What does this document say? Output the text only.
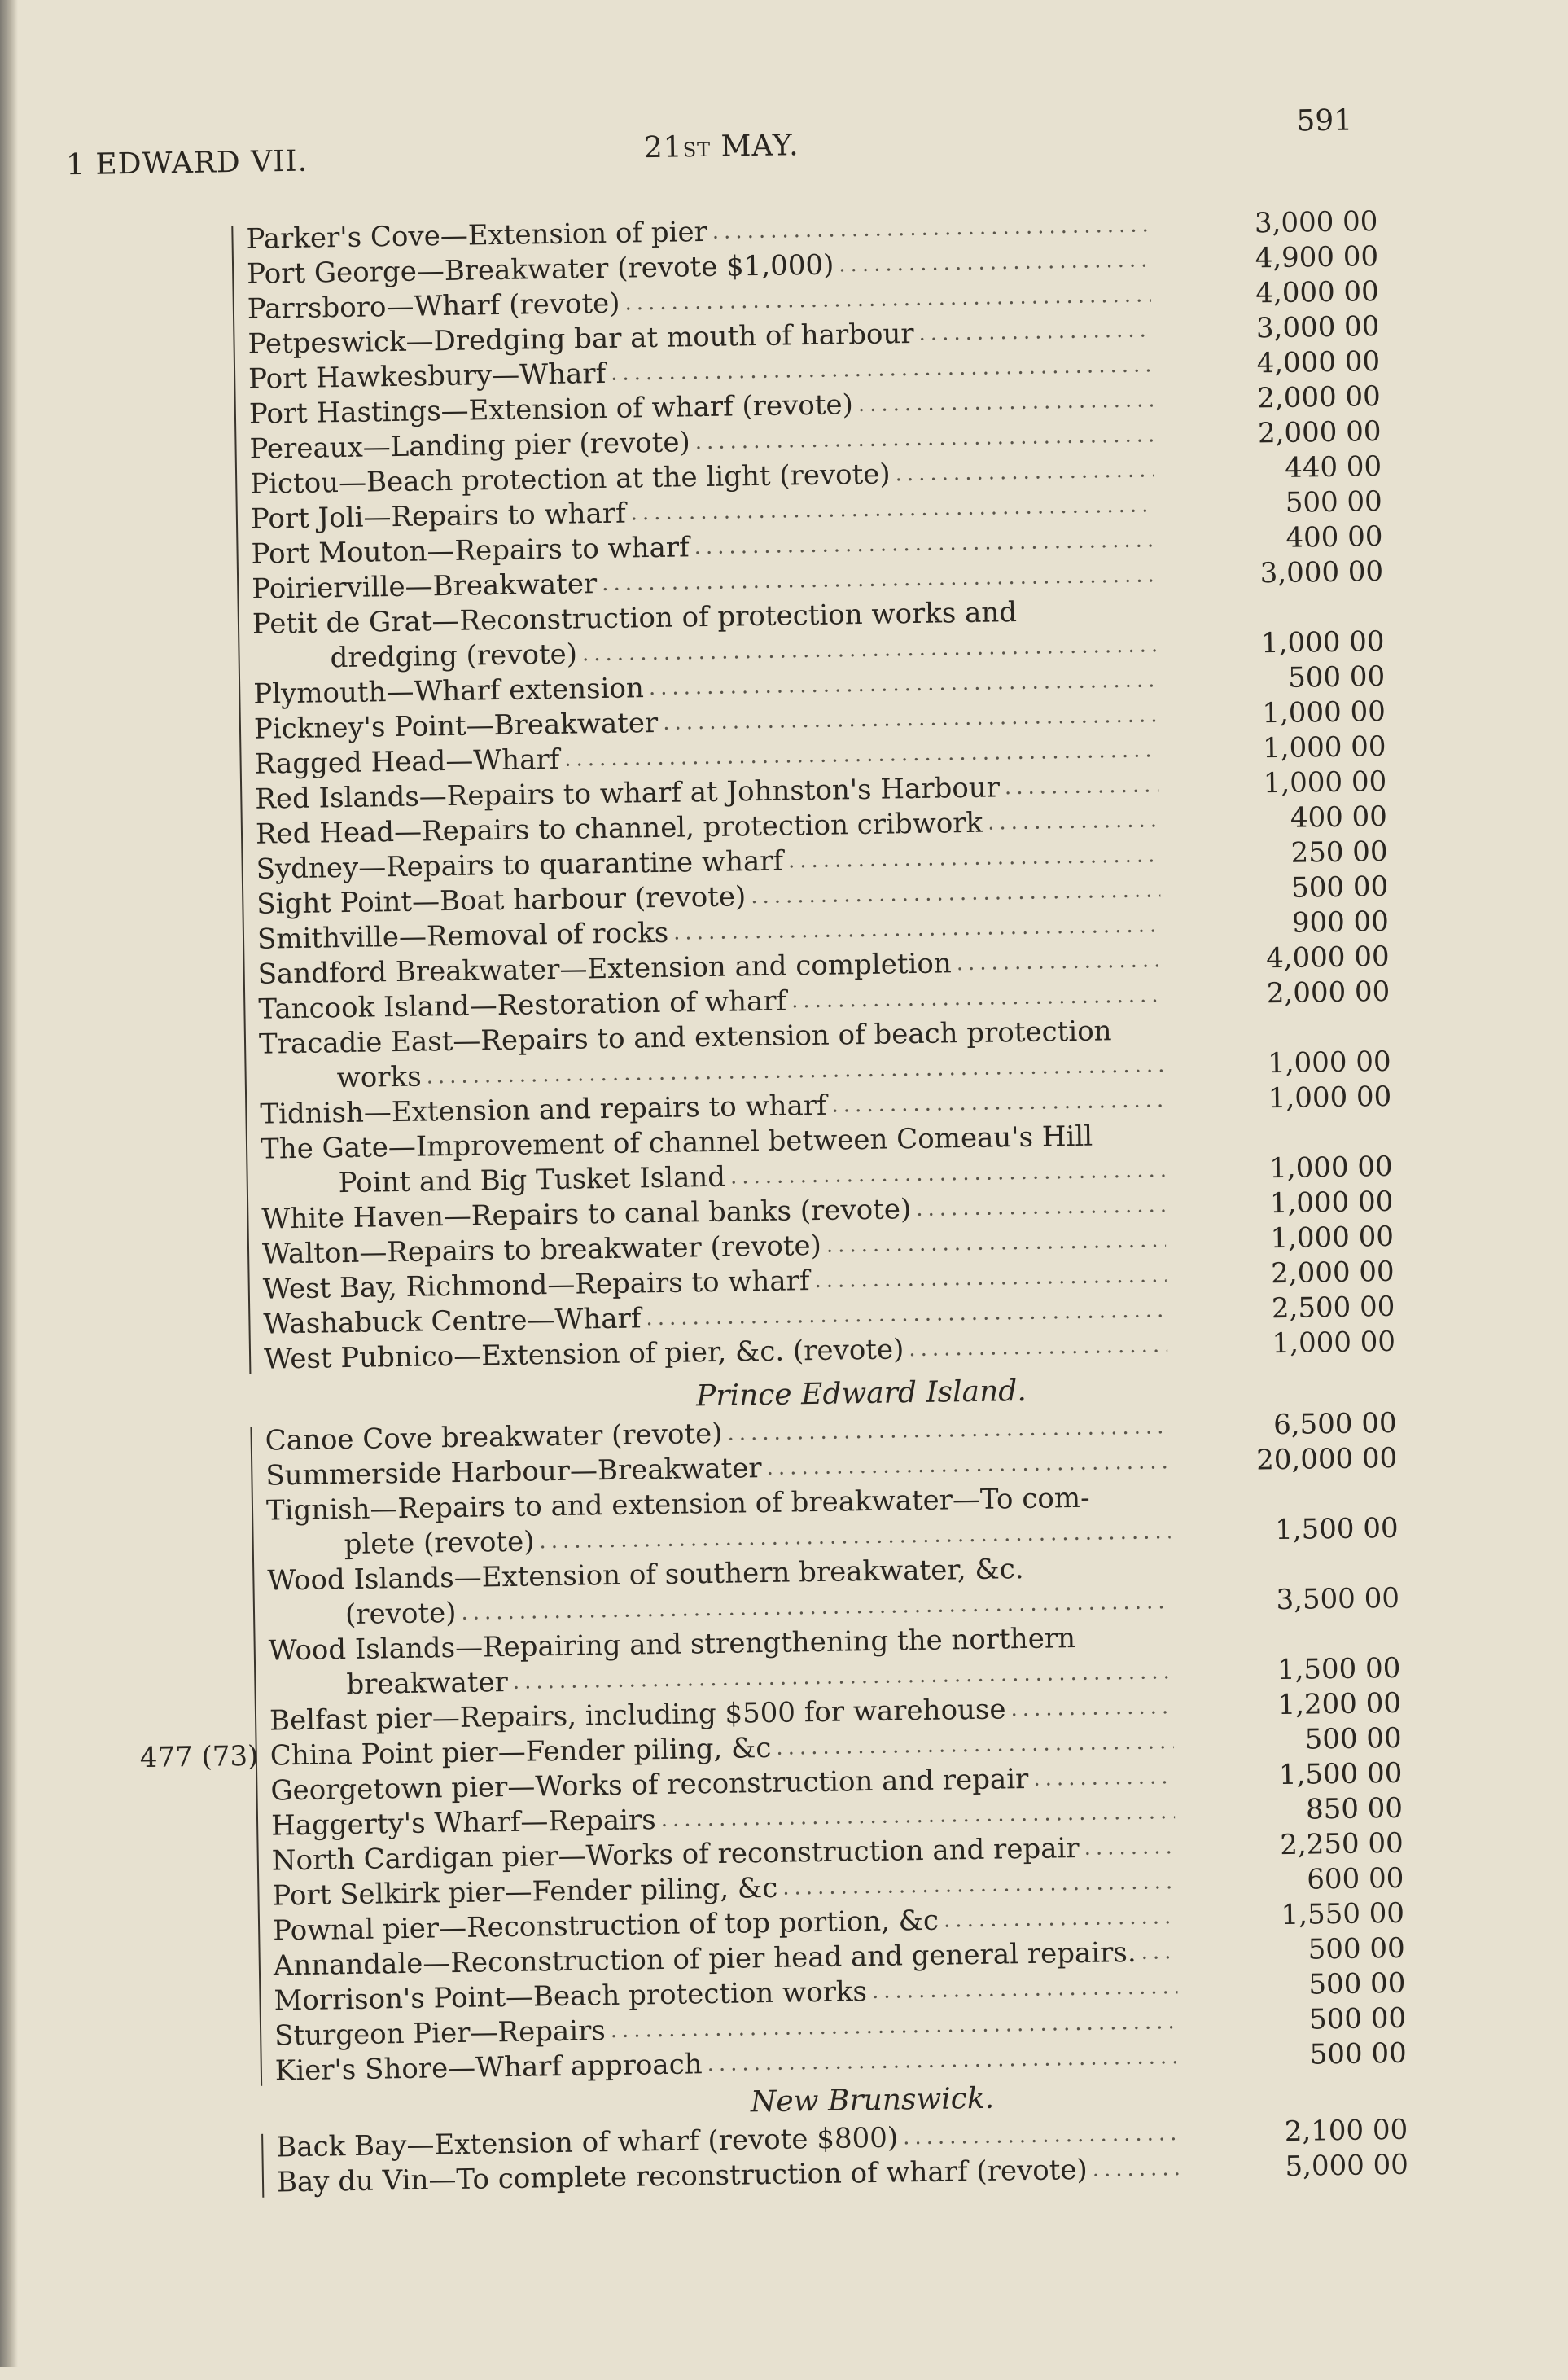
1 EDWARD VII.	21ST MAY.
591
Parker's Cove—Extension of pier .....	3,000 00
Port George—Breakwater (revote $1,000) .....	4,900 00
Parrsboro—Wharf (revote) .....	4,000 00
Petpeswick—Dredging bar at mouth of harbour .....	3,000 00
Port Hawkesbury—Wharf .....	4,000 00
Port Hastings—Extension of wharf (revote) .....	2,000 00
Pereaux—Landing pier (revote) .....	2,000 00
Pictou—Beach protection at the light (revote) .....	440 00
Port Joli—Repairs to wharf .....	500 00
Port Mouton—Repairs to wharf .....	400 00
Poirierville—Breakwater .....	3,000 00
Petit de Grat—Reconstruction of protection works and
dredging (revote) .....	1,000 00
Plymouth—Wharf extension .....	500 00
Pickney's Point—Breakwater .....	1,000 00
Ragged Head—Wharf .....	1,000 00
Red Islands—Repairs to wharf at Johnston's Harbour .....	1,000 00
Red Head—Repairs to channel, protection cribwork .....	400 00
Sydney—Repairs to quarantine wharf .....	250 00
Sight Point—Boat harbour (revote) .....	500 00
Smithville—Removal of rocks .....	900 00
Sandford Breakwater—Extension and completion .....	4,000 00
Tancook Island—Restoration of wharf .....	2,000 00
Tracadie East—Repairs to and extension of beach protection
works .....	1,000 00
Tidnish—Extension and repairs to wharf .....	1,000 00
The Gate—Improvement of channel between Comeau's Hill
Point and Big Tusket Island .....	1,000 00
White Haven—Repairs to canal banks (revote) .....	1,000 00
Walton—Repairs to breakwater (revote) .....	1,000 00
West Bay, Richmond—Repairs to wharf .....	2,000 00
Washabuck Centre—Wharf .....	2,500 00
West Pubnico—Extension of pier, &c. (revote) .....	1,000 00
Prince Edward Island.
Canoe Cove breakwater (revote) .....	6,500 00
Summerside Harbour—Breakwater .....	20,000 00
Tignish—Repairs to and extension of breakwater—To com-
plete (revote) .....	1,500 00
Wood Islands—Extension of southern breakwater, &c.
(revote) .....	3,500 00
Wood Islands—Repairing and strengthening the northern
breakwater .....	1,500 00
Belfast pier—Repairs, including $500 for warehouse .....	1,200 00
China Point pier—Fender piling, &c .....	500 00
Georgetown pier—Works of reconstruction and repair .....	1,500 00
Haggerty's Wharf—Repairs .....	850 00
North Cardigan pier—Works of reconstruction and repair .....	2,250 00
Port Selkirk pier—Fender piling, &c .....	600 00
Pownal pier—Reconstruction of top portion, &c .....	1,550 00
Annandale—Reconstruction of pier head and general repairs. .....	500 00
Morrison's Point—Beach protection works .....	500 00
Sturgeon Pier—Repairs .....	500 00
Kier's Shore—Wharf approach .....	500 00
477 (73)
New Brunswick.
Back Bay—Extension of wharf (revote $800) .....	2,100 00
Bay du Vin—To complete reconstruction of wharf (revote) .....	5,000 00
